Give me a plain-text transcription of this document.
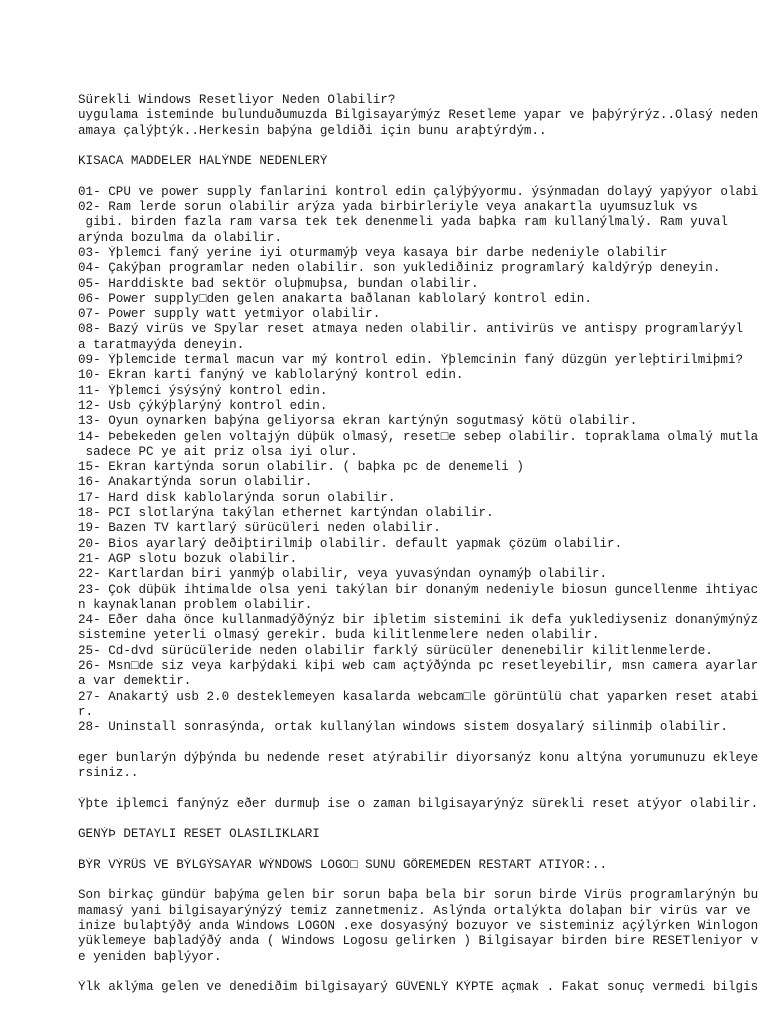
Sürekli Windows Resetliyor Neden Olabilir?
uygulama isteminde bulunduðumuzda Bilgisayarýmýz Resetleme yapar ve þaþýrýrýz..Olasý neden
amaya çalýþtýk..Herkesin baþýna geldiði için bunu araþtýrdým..
KISACA MADDELER HALÝNDE NEDENLERÝ
01- CPU ve power supply fanlarini kontrol edin çalýþýyormu. ýsýnmadan dolayý yapýyor olabi
02- Ram lerde sorun olabilir arýza yada birbirleriyle veya anakartla uyumsuzluk vs
gibi. birden fazla ram varsa tek tek denenmeli yada baþka ram kullanýlmalý. Ram yuval
arýnda bozulma da olabilir.
03- Ýþlemci faný yerine iyi oturmamýþ veya kasaya bir darbe nedeniyle olabilir
04- Çakýþan programlar neden olabilir. son yuklediðiniz programlarý kaldýrýp deneyin.
05- Harddiskte bad sektör oluþmuþsa, bundan olabilir.
06- Power supply□den gelen anakarta baðlanan kablolarý kontrol edin.
07- Power supply watt yetmiyor olabilir.
08- Bazý virüs ve Spylar reset atmaya neden olabilir. antivirüs ve antispy programlarýyl
a taratmayýda deneyin.
09- Ýþlemcide termal macun var mý kontrol edin. Ýþlemcinin faný düzgün yerleþtirilmiþmi?
10- Ekran karti fanýný ve kablolarýný kontrol edin.
11- Ýþlemci ýsýsýný kontrol edin.
12- Usb çýkýþlarýný kontrol edin.
13- Oyun oynarken baþýna geliyorsa ekran kartýnýn sogutmasý kötü olabilir.
14- Þebekeden gelen voltajýn düþük olmasý, reset□e sebep olabilir. topraklama olmalý mutla
sadece PC ye ait priz olsa iyi olur.
15- Ekran kartýnda sorun olabilir. ( baþka pc de denemeli )
16- Anakartýnda sorun olabilir.
17- Hard disk kablolarýnda sorun olabilir.
18- PCI slotlarýna takýlan ethernet kartýndan olabilir.
19- Bazen TV kartlarý sürücüleri neden olabilir.
20- Bios ayarlarý deðiþtirilmiþ olabilir. default yapmak çözüm olabilir.
21- AGP slotu bozuk olabilir.
22- Kartlardan biri yanmýþ olabilir, veya yuvasýndan oynamýþ olabilir.
23- Çok düþük ihtimalde olsa yeni takýlan bir donaným nedeniyle biosun guncellenme ihtiyac
n kaynaklanan problem olabilir.
24- Eðer daha önce kullanmadýðýnýz bir iþletim sistemini ik defa yuklediyseniz donanýmýnýz
sistemine yeterli olmasý gerekir. buda kilitlenmelere neden olabilir.
25- Cd-dvd sürücüleride neden olabilir farklý sürücüler denenebilir kilitlenmelerde.
26- Msn□de siz veya karþýdaki kiþi web cam açtýðýnda pc resetleyebilir, msn camera ayarlar
a var demektir.
27- Anakartý usb 2.0 desteklemeyen kasalarda webcam□le görüntülü chat yaparken reset atabi
r.
28- Uninstall sonrasýnda, ortak kullanýlan windows sistem dosyalarý silinmiþ olabilir.
eger bunlarýn dýþýnda bu nedende reset atýrabilir diyorsanýz konu altýna yorumunuzu ekleye
rsiniz..
Ýþte iþlemci fanýnýz eðer durmuþ ise o zaman bilgisayarýnýz sürekli reset atýyor olabilir.
GENÝÞ DETAYLI RESET OLASILIKLARI
BÝR VÝRÜS VE BÝLGÝSAYAR WÝNDOWS LOGO□ SUNU GÖREMEDEN RESTART ATIYOR:..
Son birkaç gündür baþýma gelen bir sorun baþa bela bir sorun birde Virüs programlarýnýn bu
mamasý yani bilgisayarýnýzý temiz zannetmeniz. Aslýnda ortalýkta dolaþan bir virüs var ve
inize bulaþtýðý anda Windows LOGON .exe dosyasýný bozuyor ve sisteminiz açýlýrken Winlogon
yüklemeye baþladýðý anda ( Windows Logosu gelirken ) Bilgisayar birden bire RESETleniyor v
e yeniden baþlýyor.
Ýlk aklýma gelen ve denediðim bilgisayarý GÜVENLÝ KÝPTE açmak . Fakat sonuç vermedi bilgis
